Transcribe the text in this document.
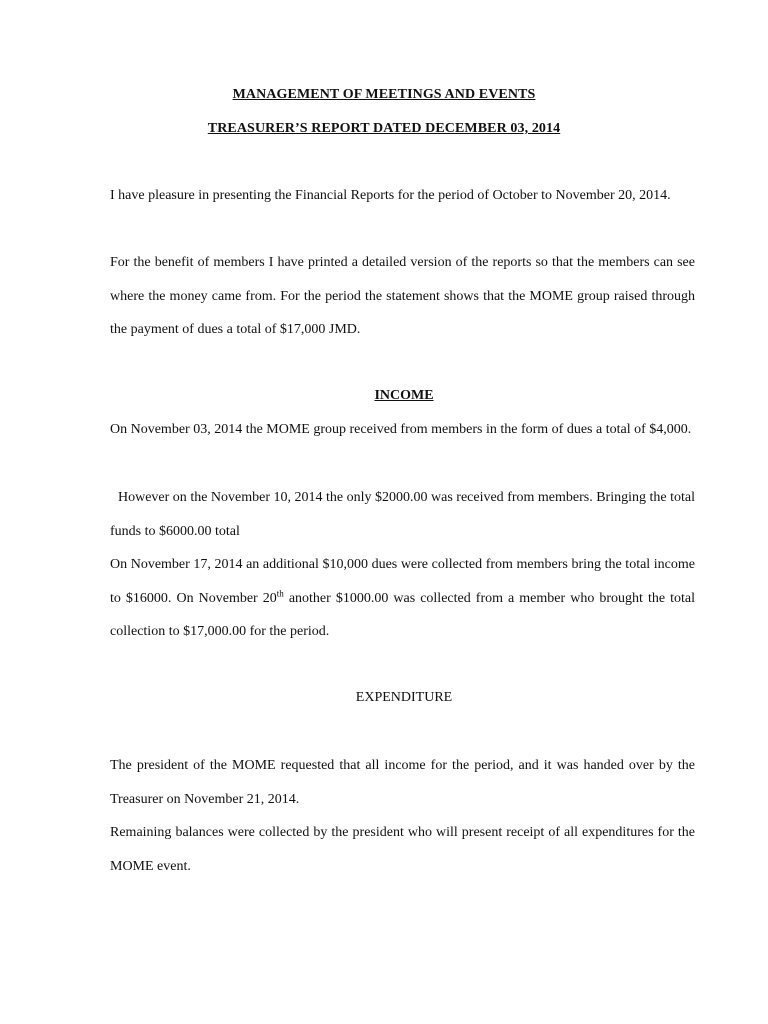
MANAGEMENT OF MEETINGS AND EVENTS
TREASURER’S REPORT DATED DECEMBER 03, 2014
I have pleasure in presenting the Financial Reports for the period of October to November 20, 2014.
For the benefit of members I have printed a detailed version of the reports so that the members can see where the money came from. For the period the statement shows that the MOME group raised through the payment of dues a total of $17,000 JMD.
INCOME
On November 03, 2014 the MOME group received from members in the form of dues a total of $4,000.
However on the November 10, 2014 the only $2000.00 was received from members. Bringing the total funds to $6000.00 total
On November 17, 2014 an additional $10,000 dues were collected from members bring the total income to $16000. On November 20th another $1000.00 was collected from a member who brought the total collection to $17,000.00 for the period.
EXPENDITURE
The president of the MOME requested that all income for the period, and it was handed over by the Treasurer on November 21, 2014.
Remaining balances were collected by the president who will present receipt of all expenditures for the MOME event.
